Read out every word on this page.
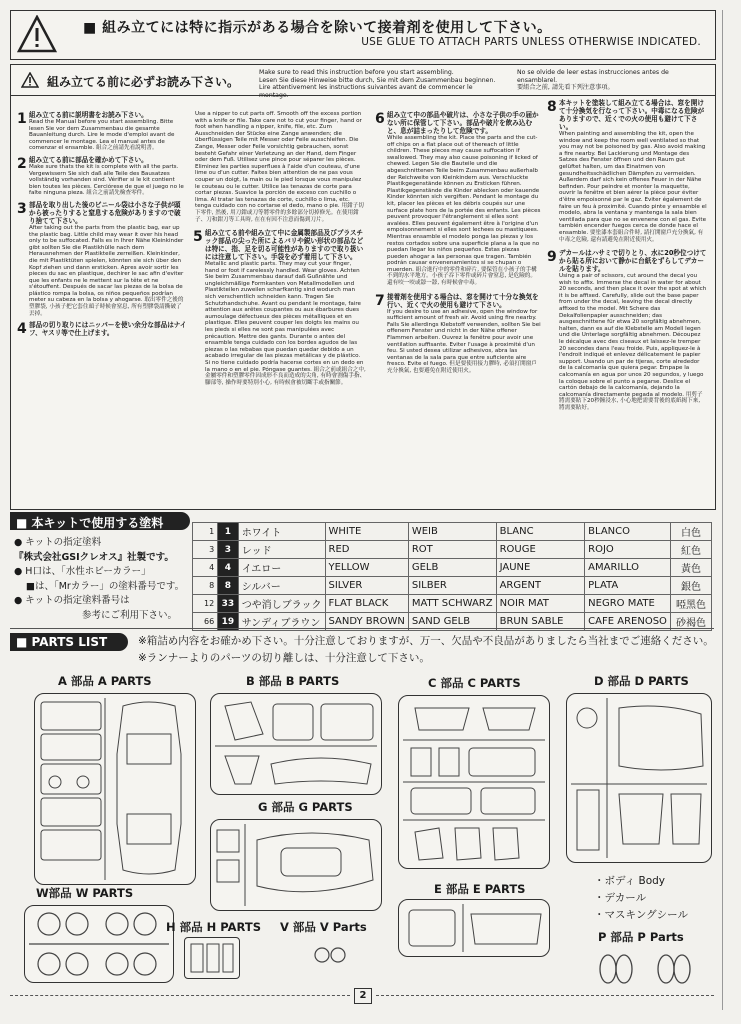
■ 組み立てには特に指示がある場合を除いて接着剤を使用して下さい。
USE GLUE TO ATTACH PARTS UNLESS OTHERWISE INDICATED.
組み立てる前に必ずお読み下さい。
Make sure to read this instruction before you start assembling.
Lesen Sie diese Hinweise bitte durch, Sie mit dem Zusammenbau beginnen.
Lire attentivement les instructions suivantes avant de commencer le montage.
No se olvide de leer estas instrucciones antes de ensamblarel.
要組合之前, 請先看下列注意事項。
1 組み立てる前に説明書をお読み下さい。
Read the Manual before you start assembling. Bitte lesen Sie vor dem Zusammenbau die gesamte Bauanleitung durch. Lire le mode d'emploi avant de commencer le montage. Lea el manual antes de comenzar el ensamble. 組合之前請先看說明書。
2 組み立てる前に部品を確かめて下さい。
Make sure thats the kit is complete with all the parts. Vergewissern Sie sich daß alle Teile des Bausatzes vollständig vorhanden sind. Vérifier si le kit contient bien toutes les pièces. Cerciórese de que el juego no le falte ninguna pieza. 組合之前請先檢查零件。
3 部品を取り出した後のビニール袋は小さな子供が頭から被ったりすると窒息する危険がありますので破り捨てて下さい。
After taking out the parts from the plastic bag, ear up the plastic bag. Little child may wear it over his head only to be suffocated. Falls es in Ihrer Nähe Kleinkinder gibt sollten Sie die Plastikhülle nach dem Herausnehmen der Plastikteile zerreißen. Kleinkinder, die mit Plastiktüten spielen, könnten sie sich über den Kopf ziehen und dann ersticken. Apres avoir sortir les pieces du sac en plastique, dechirer le sac afin d'eviter que les enfants ne le mettent sur la tête et ne s'étouffent. Después de sacar las piezas de la bolsa de plástico rompa la bolsa, os niños pequeños podrían meter su cabeza en la bolsa y ahogarse. 取出零件之後的塑膠袋, 小孩子把它套住頭子時候會窒息, 所有塑膠袋請撕破了丟掉。
4 部品の切り取りにはニッパーを使い余分な部品はナイフ、ヤスリ等で仕上げます。
Use a nipper to cut parts off. Smooth off the excess portion with a knife or file. Take care not to cut your finger, hand or foot when handling a nipper, knife, file, etc. Zum Ausschneiden der Stücke eine Zange anwenden; die überflüssigen Teile mit Messer oder Feile ausschleifen. Die Zange, Messer oder Feile vorsichtig gebrauchen, sonst besteht Gefahr einer Verletzung an der Hand, dem Finger oder dem Fuß. Utilisez une pince pour séparer les pièces. Eliminez les parties superflues à l'aide d'un couteau, d'une lime ou d'un cutter. Faites bien attention de ne pas vous couper un doigt, la main ou le pied lorsque vous manipulez le couteau ou le cutter. Utilice las tenazas de corte para cortar piezas. Suavice la porción de exceso con cuchillo o lima. Al tratar las tenazas de corte, cuchillo o lima, etc. tenga cuidado con no cortarse el dedo, mano o pie. 用鉗子切下零件, 然後, 用刀鉗或刀等將零件的多餘部分切掉修光。在使用鉗子、刀和鉗刀等工具時, 在在有因不注意而傷到刀片。
5 組み立てる前や組み立て中に金属製部品及びプラスチック部品の尖った所によるバリや鋭い形状の部品などは特に、指、足を切る可能性がありますので取り扱いには注意して下さい。手袋を必ず着用して下さい。
Metallic and plastic parts. They may cut your finger, hand or foot if carelessly handled. Wear gloves. Achten Sie beim Zusammenbau darauf daß Gußnähte und ungleichmäßige Formkanten von Metallmodellen und Plastikteilen zuweilen scharfkantig sind wodurch man sich verschentlich schneiden kann. Tragen Sie Schutzhandschuhe. Avant ou pendant le montage, faire attention aux arêtes coupantes ou aux ébarbures dues aumoulage défectueux des pièces métalliques et en plastique. Elles peuvent couper les doigts les mains ou les pieds si elles ne sont pas manipulées avec précaution. Mettre des gants. Durante o antes del ensamble tenga cuidado con los bordes agudos de las piezas o las rebabas que puedan quedar debido a un acabado irregular de las piezas metálicas y de plástico. Si no tiene cuidado podría hacerse cortes en un dedo en la mano o en el pie. Póngase guantes. 組合之前或組合之中, 金屬零件和塑膠零件因成形不良而造成的尖角, 有時會割傷手指、腳部等, 操作時要特別小心, 有時候會被切斷手或指關節。
6 組み立て中の部品や破片は、小さな子供の手の届かない所に保管して下さい。部品や破片を飲み込むと、息が詰まったりして危険です。
While assembling the kit. Place the parts and the cut-off chips on a flat place out of thereach of little children. These pieces may cause suffocation if swallowed. They may also cause poisoning if licked of chewed. Legen Sie die Bauteile und die abgeschnittenen Teile beim Zusammenbau außerhalb der Reichweite von Kleinkindern aus. Verschluckte Plastikgegenstände können zu Ersticken führen. Plastikgegenstände die Kinder ablecken oder kauende Kinder könnten sich vergiften. Pendant le montage du kit, placer les pièces et les débris coupés sur une surface plate hors de la portée des enfants. Les pièces peuvent provoquer l'étranglement si elles sont avalées. Elles peuvent également être à l'origine d'un empoisonnement si elles sont lechees ou mastiquees. Mientras ensamble el modelo ponga las piezas y los restos cortados sobre una superficie plana a la que no puedan llegar los niños pequeños. Estas piezas pueden ahogar a las personas que tragen. También podrán causar envenenamientos si se chupan o muerden. 組合進行中的零件和碎片, 要保管在小孩子的手構不到的水平地方。小孩子吞下零件或碎片會窒息, 是危險的。還有咬一咬或舔一舔, 有時候會中毒。
7 接着剤を使用する場合は、窓を開けて十分な換気を行い、近くで火の使用も避けて下さい。
If you desire to use an adhesive, open the window for sufficient amount of fresh air. Avoid using fire nearby. Falls Sie allerdings Klebstoff verwenden, sollten Sie bei offenem Fenster und nicht in der Nähe offener Flammen arbeiten. Ouvrez la fenêtre pour avoir une ventilation suffisante. Eviter l'usage à proximité d'un feu. Si usted desea utilizar adhesivos, abra las ventanas de la sala para que entre suficiente aire fresco. Evite el fuego. 但是要使用接力膠時, 必須打開窗戶充分換氣, 也要避免在附近使用火。
8 本キットを塗装して組み立てる場合は、窓を開けて十分換気を行なって下さい。中毒になる危険がありますので、近くでの火の使用も避けて下さい。
When painting and assembling the kit, open the window and keep the room well ventilated so that you may not be poisoned by gas. Also avoid making a fire nearby. Bei Lackierung und Montage des Satzes des Fenster öffnen und den Raum gut gelüftet halten, um das Einatmen von gesundheitsschädlichen Dämpfen zu vermeiden. Außerdem darf sich kein offenes Feuer in der Nähe befinden. Pour peindre et monter la maquette, ouvrir la fenêtre et bien aérer la pièce pour éviter d'être empoisonné par le gaz. Eviter également de faire un feu à proximité. Cuando pinte y ensamble el modelo, abra la ventana y mantenga la sala bien ventilada para que no se envenene con el gas. Evite también encender fuegos cerca de donde hace el ensamble. 要塗漆本套組合件時, 請打開窗戶充分換氣, 有中毒之危險, 還有請避免在附近使用火。
9 デカールはハサミで切りとり、水に20秒位つけてから貼る所において静かに台紙をずらしてデカールを貼ります。
Using a pair of scissors, cut around the decal you wish to affix. Immerse the decal in water for about 20 seconds, and then place it over the spot at which it is be affixed. Carefully, slide out the base paper from under the decal, leaving the decal directly affixed to the model. Mit Schere das Dekalfolienpapier ausschneiden; das ausgeschnittene für etwa 20 sorgfältig abnehmen, halten, dann es auf die Klebstelle am Modell legen und die Unterlage sorgfältig abnehmen. Découpez le décalque avec des ciseaux et laissez-le tremper 20 secondes dans l'eau froide. Puis, appliquez-le à l'endroit indiqué et enlevez délicatement le papier support. Usando un par de tijeras, corte alrededor de la calcomanía que quiera pegar. Empape la calcomanía en agua por unos 20 segundos, y luego la coloque sobre el punto a pegarse. Deslice el cartón debajo de la calcomanía, dejando la calcomanía directamente pegada al modelo. 用剪子將需要貼下20秒鐘浸水, 小心地把需要背後的底紙揭下來, 將需要貼好。
■ 本キットで使用する塗料
● キットの指定塗料
『株式会社GSIクレオス』社製です。
● H口は、「水性ホビーカラー」
■は、「Mrカラー」の塗料番号です。
● キットの指定塗料番号は
参考にご利用下さい。
1	1	ホワイト	WHITE	WEIB	BLANC	BLANCO	白色
3	3	レッド	RED	ROT	ROUGE	ROJO	紅色
4	4	イエロー	YELLOW	GELB	JAUNE	AMARILLO	黃色
8	8	シルバー	SILVER	SILBER	ARGENT	PLATA	銀色
12	33	つや消しブラック	FLAT BLACK	MATT SCHWARZ	NOIR MAT	NEGRO MATE	啞黑色
66	19	サンディブラウン	SANDY BROWN	SAND GELB	BRUN SABLE	CAFE ARENOSO	砂褐色
■ PARTS LIST	※箱詰め内容をお確かめ下さい。十分注意しておりますが、万一、欠品や不良品がありましたら当社までご連絡ください。
※ランナーよりのパーツの切り離しは、十分注意して下さい。
A 部品 A PARTS	B 部品 B PARTS
G 部品 G PARTS
C 部品 C PARTS	D 部品 D PARTS
W部品 W PARTS
H 部品 H PARTS V 部品 V Parts
E 部品 E PARTS
・ボディ Body
・デカール
・マスキングシール
P 部品 P Parts
2
